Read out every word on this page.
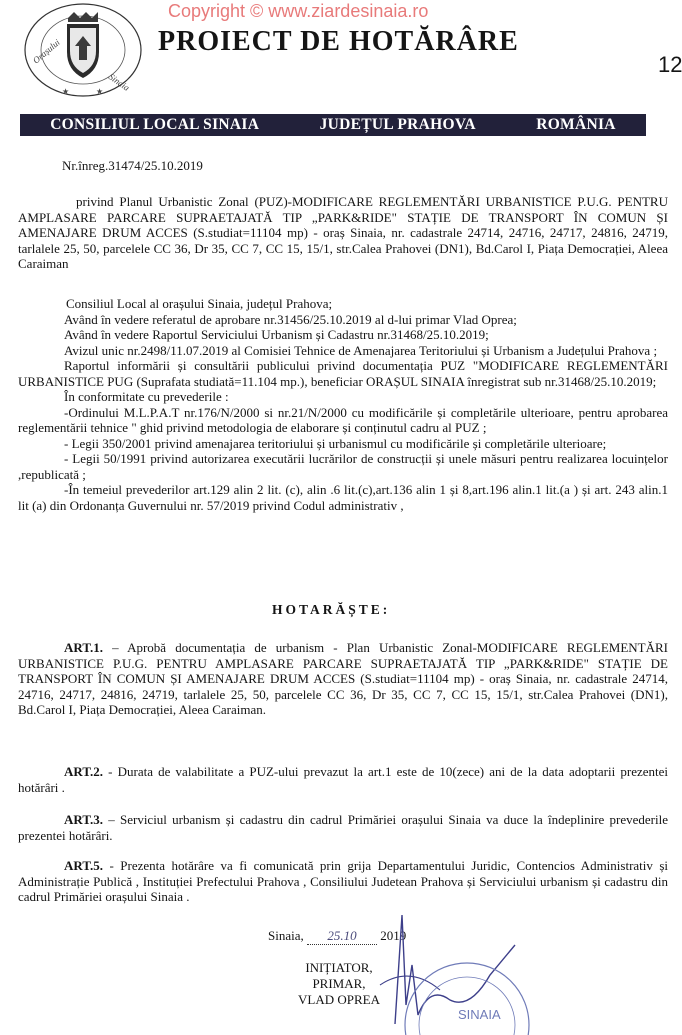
Orașului
Sinaia
★	★
Copyright © www.ziardesinaia.ro
PROIECT DE HOTĂRÂRE
12
CONSILIUL LOCAL SINAIA	JUDEȚUL PRAHOVA	ROMÂNIA
Nr.înreg.31474/25.10.2019
privind Planul Urbanistic Zonal (PUZ)-MODIFICARE REGLEMENTĂRI URBANISTICE P.U.G. PENTRU AMPLASARE PARCARE SUPRAETAJATĂ TIP „PARK&RIDE" STAȚIE DE TRANSPORT ÎN COMUN ȘI AMENAJARE DRUM ACCES (S.studiat=11104 mp) - oraș Sinaia, nr. cadastrale 24714, 24716, 24717, 24816, 24719, tarlalele 25, 50, parcelele CC 36, Dr 35, CC 7, CC 15, 15/1, str.Calea Prahovei (DN1), Bd.Carol I, Piața Democrației, Aleea Caraiman
Consiliul Local al orașului Sinaia, județul Prahova;
Având în vedere referatul de aprobare nr.31456/25.10.2019 al d-lui primar Vlad Oprea;
Având în vedere Raportul Serviciului Urbanism și Cadastru nr.31468/25.10.2019;
Avizul unic nr.2498/11.07.2019 al Comisiei Tehnice de Amenajarea Teritoriului și Urbanism a Județului Prahova ;
Raportul informării și consultării publicului privind documentația PUZ "MODIFICARE REGLEMENTĂRI URBANISTICE PUG (Suprafata studiată=11.104 mp.), beneficiar ORAȘUL SINAIA înregistrat sub nr.31468/25.10.2019;
În conformitate cu prevederile :
-Ordinului M.L.P.A.T nr.176/N/2000 si nr.21/N/2000 cu modificările și completările ulterioare, pentru aprobarea reglementării tehnice " ghid privind metodologia de elaborare și conținutul cadru al PUZ ;
- Legii 350/2001 privind amenajarea teritoriului și urbanismul cu modificările și completările ulterioare;
- Legii 50/1991 privind autorizarea executării lucrărilor de construcții și unele măsuri pentru realizarea locuințelor ,republicată ;
-În temeiul prevederilor art.129 alin 2 lit. (c), alin .6 lit.(c),art.136 alin 1 și 8,art.196 alin.1 lit.(a ) și art. 243 alin.1 lit (a) din Ordonanța Guvernului nr. 57/2019 privind Codul administrativ ,
HOTARĂȘTE:
ART.1. – Aprobă documentația de urbanism - Plan Urbanistic Zonal-MODIFICARE REGLEMENTĂRI URBANISTICE P.U.G. PENTRU AMPLASARE PARCARE SUPRAETAJATĂ TIP „PARK&RIDE" STAȚIE DE TRANSPORT ÎN COMUN ȘI AMENAJARE DRUM ACCES (S.studiat=11104 mp) - oraș Sinaia, nr. cadastrale 24714, 24716, 24717, 24816, 24719, tarlalele 25, 50, parcelele CC 36, Dr 35, CC 7, CC 15, 15/1, str.Calea Prahovei (DN1), Bd.Carol I, Piața Democrației, Aleea Caraiman.
ART.2. - Durata de valabilitate a PUZ-ului prevazut la art.1 este de 10(zece) ani de la data adoptarii prezentei hotărâri .
ART.3. – Serviciul urbanism și cadastru din cadrul Primăriei orașului Sinaia va duce la îndeplinire prevederile prezentei hotărâri.
ART.5. - Prezenta hotărâre va fi comunicată prin grija Departamentului Juridic, Contencios Administrativ și Administrație Publică , Instituției Prefectului Prahova , Consiliului Judetean Prahova și Serviciului urbanism și cadastru din cadrul Primăriei orașului Sinaia .
Sinaia, 25.10 2019
INIȚIATOR,
PRIMAR,
VLAD OPREA
SINAIA
